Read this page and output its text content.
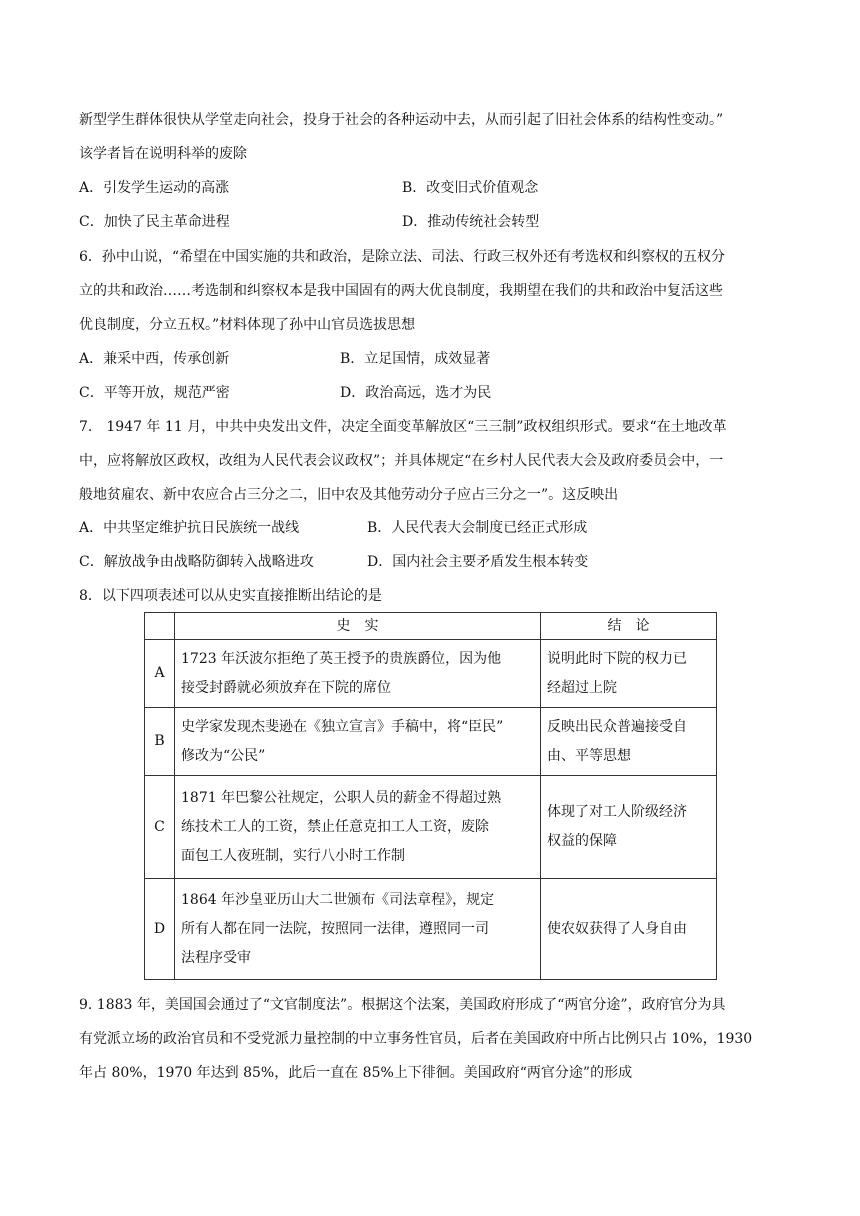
新型学生群体很快从学堂走向社会，投身于社会的各种运动中去，从而引起了旧社会体系的结构性变动。”
该学者旨在说明科举的废除
A．引发学生运动的高涨	B．改变旧式价值观念
C．加快了民主革命进程	D．推动传统社会转型
6．孙中山说，“希望在中国实施的共和政治，是除立法、司法、行政三权外还有考选权和纠察权的五权分
立的共和政治……考选制和纠察权本是我中国固有的两大优良制度，我期望在我们的共和政治中复活这些
优良制度，分立五权。”材料体现了孙中山官员选拔思想
A．兼采中西，传承创新	B．立足国情，成效显著
C．平等开放，规范严密	D．政治高远，选才为民
7.　1947 年 11 月，中共中央发出文件，决定全面变革解放区“三三制”政权组织形式。要求“在土地改革
中，应将解放区政权，改组为人民代表会议政权”；并具体规定“在乡村人民代表大会及政府委员会中，一
般地贫雇农、新中农应合占三分之二，旧中农及其他劳动分子应占三分之一”。这反映出
A．中共坚定维护抗日民族统一战线	B．人民代表大会制度已经正式形成
C．解放战争由战略防御转入战略进攻	D．国内社会主要矛盾发生根本转变
8．以下四项表述可以从史实直接推断出结论的是
	史　实	结　论
A	1723 年沃波尔拒绝了英王授予的贵族爵位，因为他
接受封爵就必须放弃在下院的席位	说明此时下院的权力已
经超过上院
B	史学家发现杰斐逊在《独立宣言》手稿中，将“臣民”
修改为“公民”	反映出民众普遍接受自
由、平等思想
C	1871 年巴黎公社规定，公职人员的薪金不得超过熟
练技术工人的工资，禁止任意克扣工人工资，废除
面包工人夜班制，实行八小时工作制	体现了对工人阶级经济
权益的保障
D	1864 年沙皇亚历山大二世颁布《司法章程》，规定
所有人都在同一法院，按照同一法律，遵照同一司
法程序受审	使农奴获得了人身自由
9. 1883 年，美国国会通过了“文官制度法”。根据这个法案，美国政府形成了“两官分途”，政府官分为具
有党派立场的政治官员和不受党派力量控制的中立事务性官员，后者在美国政府中所占比例只占 10%，1930
年占 80%，1970 年达到 85%，此后一直在 85%上下徘徊。美国政府“两官分途”的形成
